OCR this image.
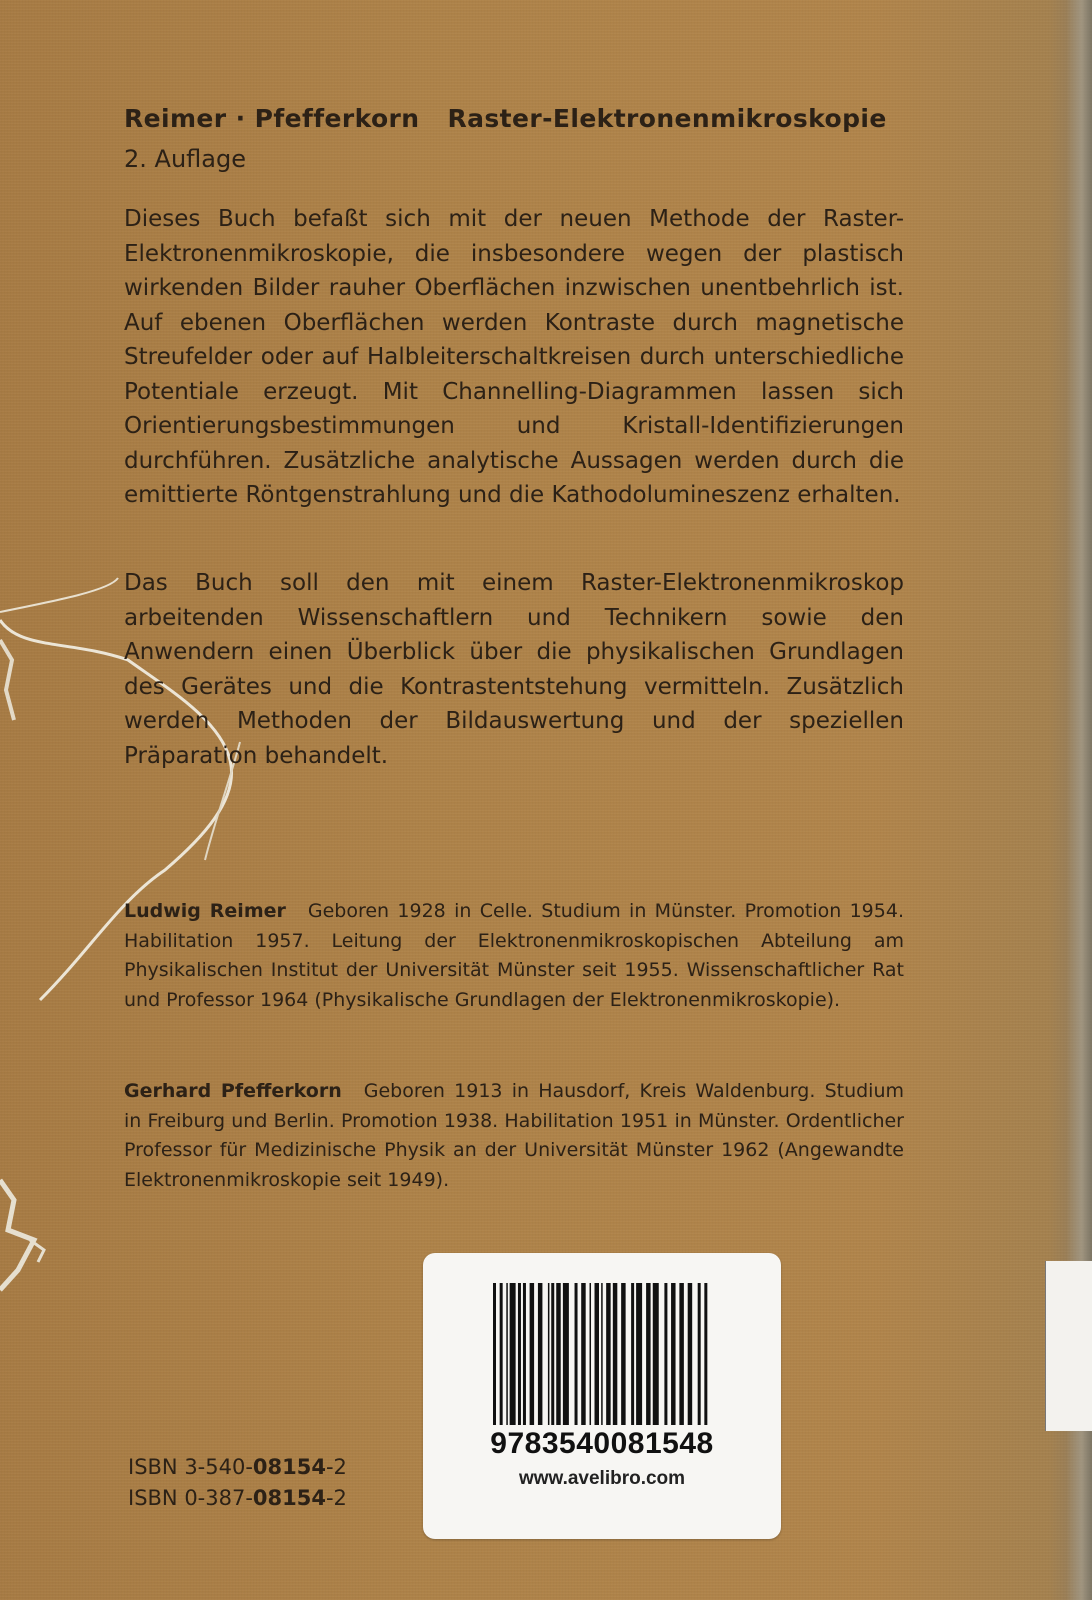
Reimer · Pfefferkorn Raster-Elektronenmikroskopie
2. Auflage

Dieses Buch befaßt sich mit der neuen Methode der Raster-Elektronenmikroskopie, die insbesondere wegen der plastisch wirkenden Bilder rauher Oberflächen inzwischen unentbehrlich ist. Auf ebenen Oberflächen werden Kontraste durch magnetische Streufelder oder auf Halbleiterschaltkreisen durch unterschiedliche Potentiale erzeugt. Mit Channelling-Diagrammen lassen sich Orientierungsbestimmungen und Kristall-Identifizierungen durchführen. Zusätzliche analytische Aussagen werden durch die emittierte Röntgenstrahlung und die Kathodolumineszenz erhalten.

Das Buch soll den mit einem Raster-Elektronenmikroskop arbeitenden Wissenschaftlern und Technikern sowie den Anwendern einen Überblick über die physikalischen Grundlagen des Gerätes und die Kontrastentstehung vermitteln. Zusätzlich werden Methoden der Bildauswertung und der speziellen Präparation behandelt.

Ludwig Reimer Geboren 1928 in Celle. Studium in Münster. Promotion 1954. Habilitation 1957. Leitung der Elektronenmikroskopischen Abteilung am Physikalischen Institut der Universität Münster seit 1955. Wissenschaftlicher Rat und Professor 1964 (Physikalische Grundlagen der Elektronenmikroskopie).

Gerhard Pfefferkorn Geboren 1913 in Hausdorf, Kreis Waldenburg. Studium in Freiburg und Berlin. Promotion 1938. Habilitation 1951 in Münster. Ordentlicher Professor für Medizinische Physik an der Universität Münster 1962 (Angewandte Elektronenmikroskopie seit 1949).

ISBN 3-540-08154-2
ISBN 0-387-08154-2
9783540081548
www.avelibro.com
